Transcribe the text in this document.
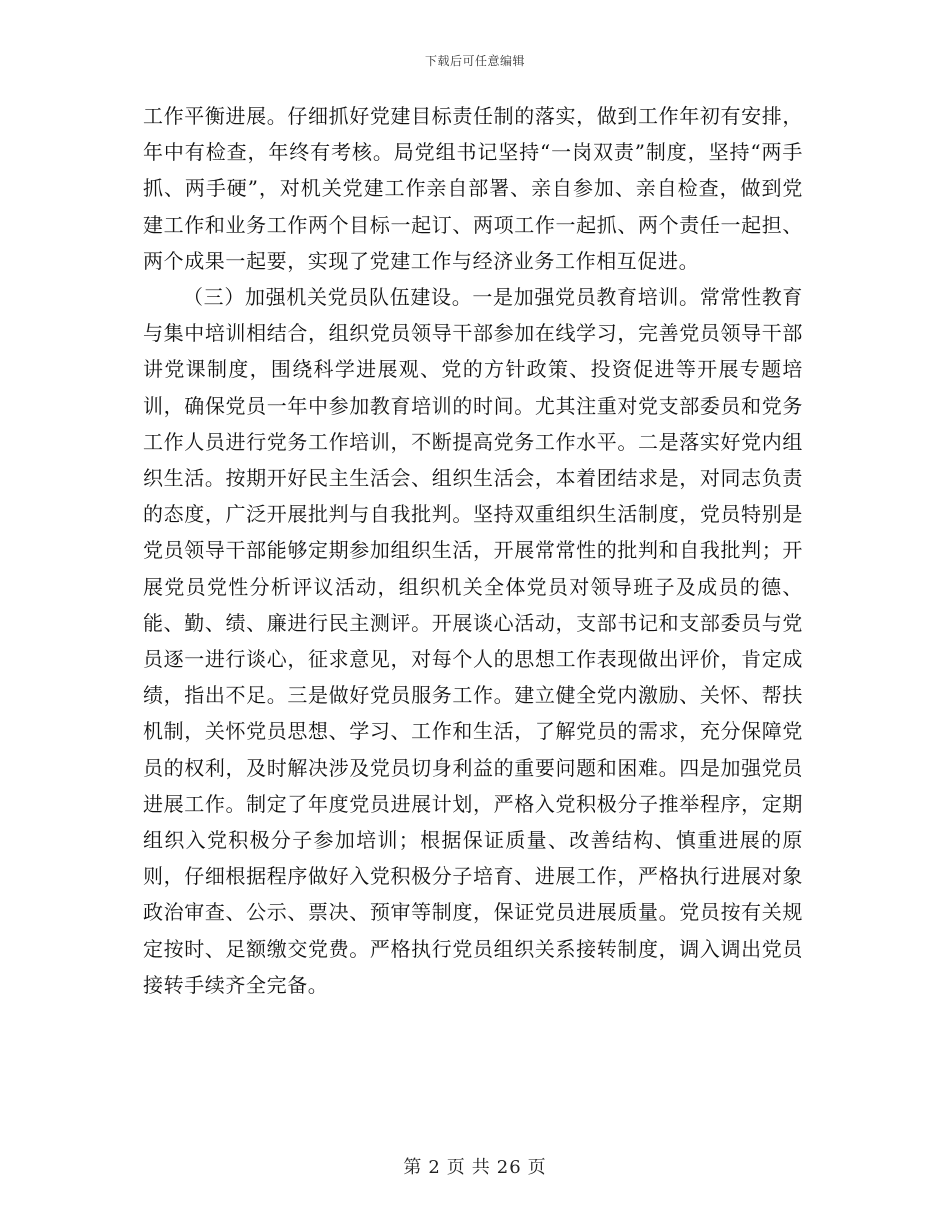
下载后可任意编辑

工作平衡进展。仔细抓好党建目标责任制的落实，做到工作年初有安排，年中有检查，年终有考核。局党组书记坚持“一岗双责”制度，坚持“两手抓、两手硬”，对机关党建工作亲自部署、亲自参加、亲自检查，做到党建工作和业务工作两个目标一起订、两项工作一起抓、两个责任一起担、两个成果一起要，实现了党建工作与经济业务工作相互促进。

（三）加强机关党员队伍建设。一是加强党员教育培训。常常性教育与集中培训相结合，组织党员领导干部参加在线学习，完善党员领导干部讲党课制度，围绕科学进展观、党的方针政策、投资促进等开展专题培训，确保党员一年中参加教育培训的时间。尤其注重对党支部委员和党务工作人员进行党务工作培训，不断提高党务工作水平。二是落实好党内组织生活。按期开好民主生活会、组织生活会，本着团结求是，对同志负责的态度，广泛开展批判与自我批判。坚持双重组织生活制度，党员特别是党员领导干部能够定期参加组织生活，开展常常性的批判和自我批判；开展党员党性分析评议活动，组织机关全体党员对领导班子及成员的德、能、勤、绩、廉进行民主测评。开展谈心活动，支部书记和支部委员与党员逐一进行谈心，征求意见，对每个人的思想工作表现做出评价，肯定成绩，指出不足。三是做好党员服务工作。建立健全党内激励、关怀、帮扶机制，关怀党员思想、学习、工作和生活，了解党员的需求，充分保障党员的权利，及时解决涉及党员切身利益的重要问题和困难。四是加强党员进展工作。制定了年度党员进展计划，严格入党积极分子推举程序，定期组织入党积极分子参加培训；根据保证质量、改善结构、慎重进展的原则，仔细根据程序做好入党积极分子培育、进展工作，严格执行进展对象政治审查、公示、票决、预审等制度，保证党员进展质量。党员按有关规定按时、足额缴交党费。严格执行党员组织关系接转制度，调入调出党员接转手续齐全完备。

第 2 页 共 26 页
